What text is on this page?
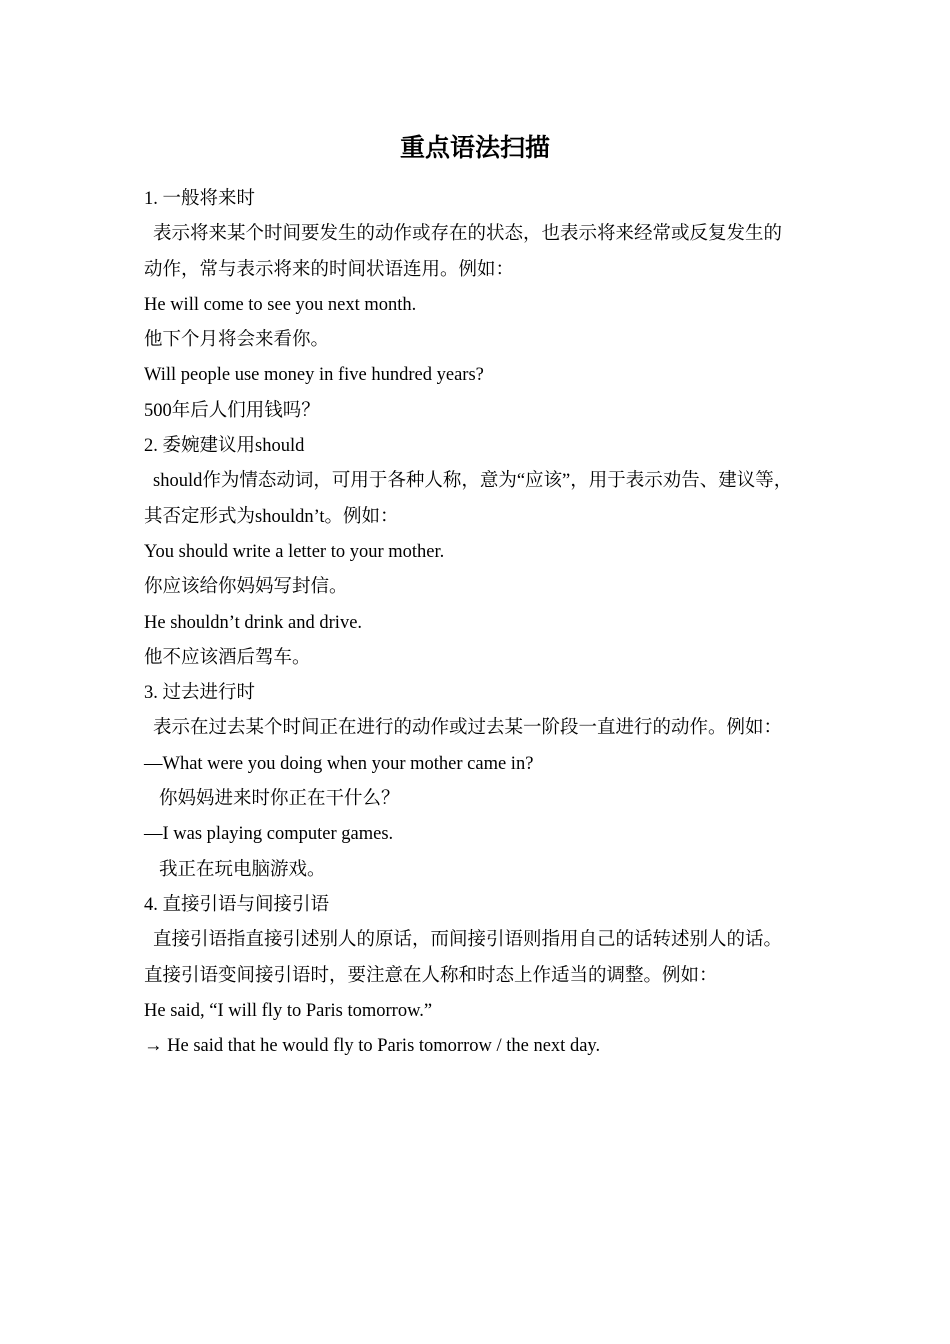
重点语法扫描
1. 一般将来时
表示将来某个时间要发生的动作或存在的状态，也表示将来经常或反复发生的
动作，常与表示将来的时间状语连用。例如：
He will come to see you next month.
他下个月将会来看你。
Will people use money in five hundred years?
500年后人们用钱吗？
2. 委婉建议用should
should作为情态动词，可用于各种人称，意为“应该”，用于表示劝告、建议等，
其否定形式为shouldn’t。例如：
You should write a letter to your mother.
你应该给你妈妈写封信。
He shouldn’t drink and drive.
他不应该酒后驾车。
3. 过去进行时
表示在过去某个时间正在进行的动作或过去某一阶段一直进行的动作。例如：
—What were you doing when your mother came in?
你妈妈进来时你正在干什么？
—I was playing computer games.
我正在玩电脑游戏。
4. 直接引语与间接引语
直接引语指直接引述别人的原话，而间接引语则指用自己的话转述别人的话。
直接引语变间接引语时，要注意在人称和时态上作适当的调整。例如：
He said, “I will fly to Paris tomorrow.”
→ He said that he would fly to Paris tomorrow / the next day.
